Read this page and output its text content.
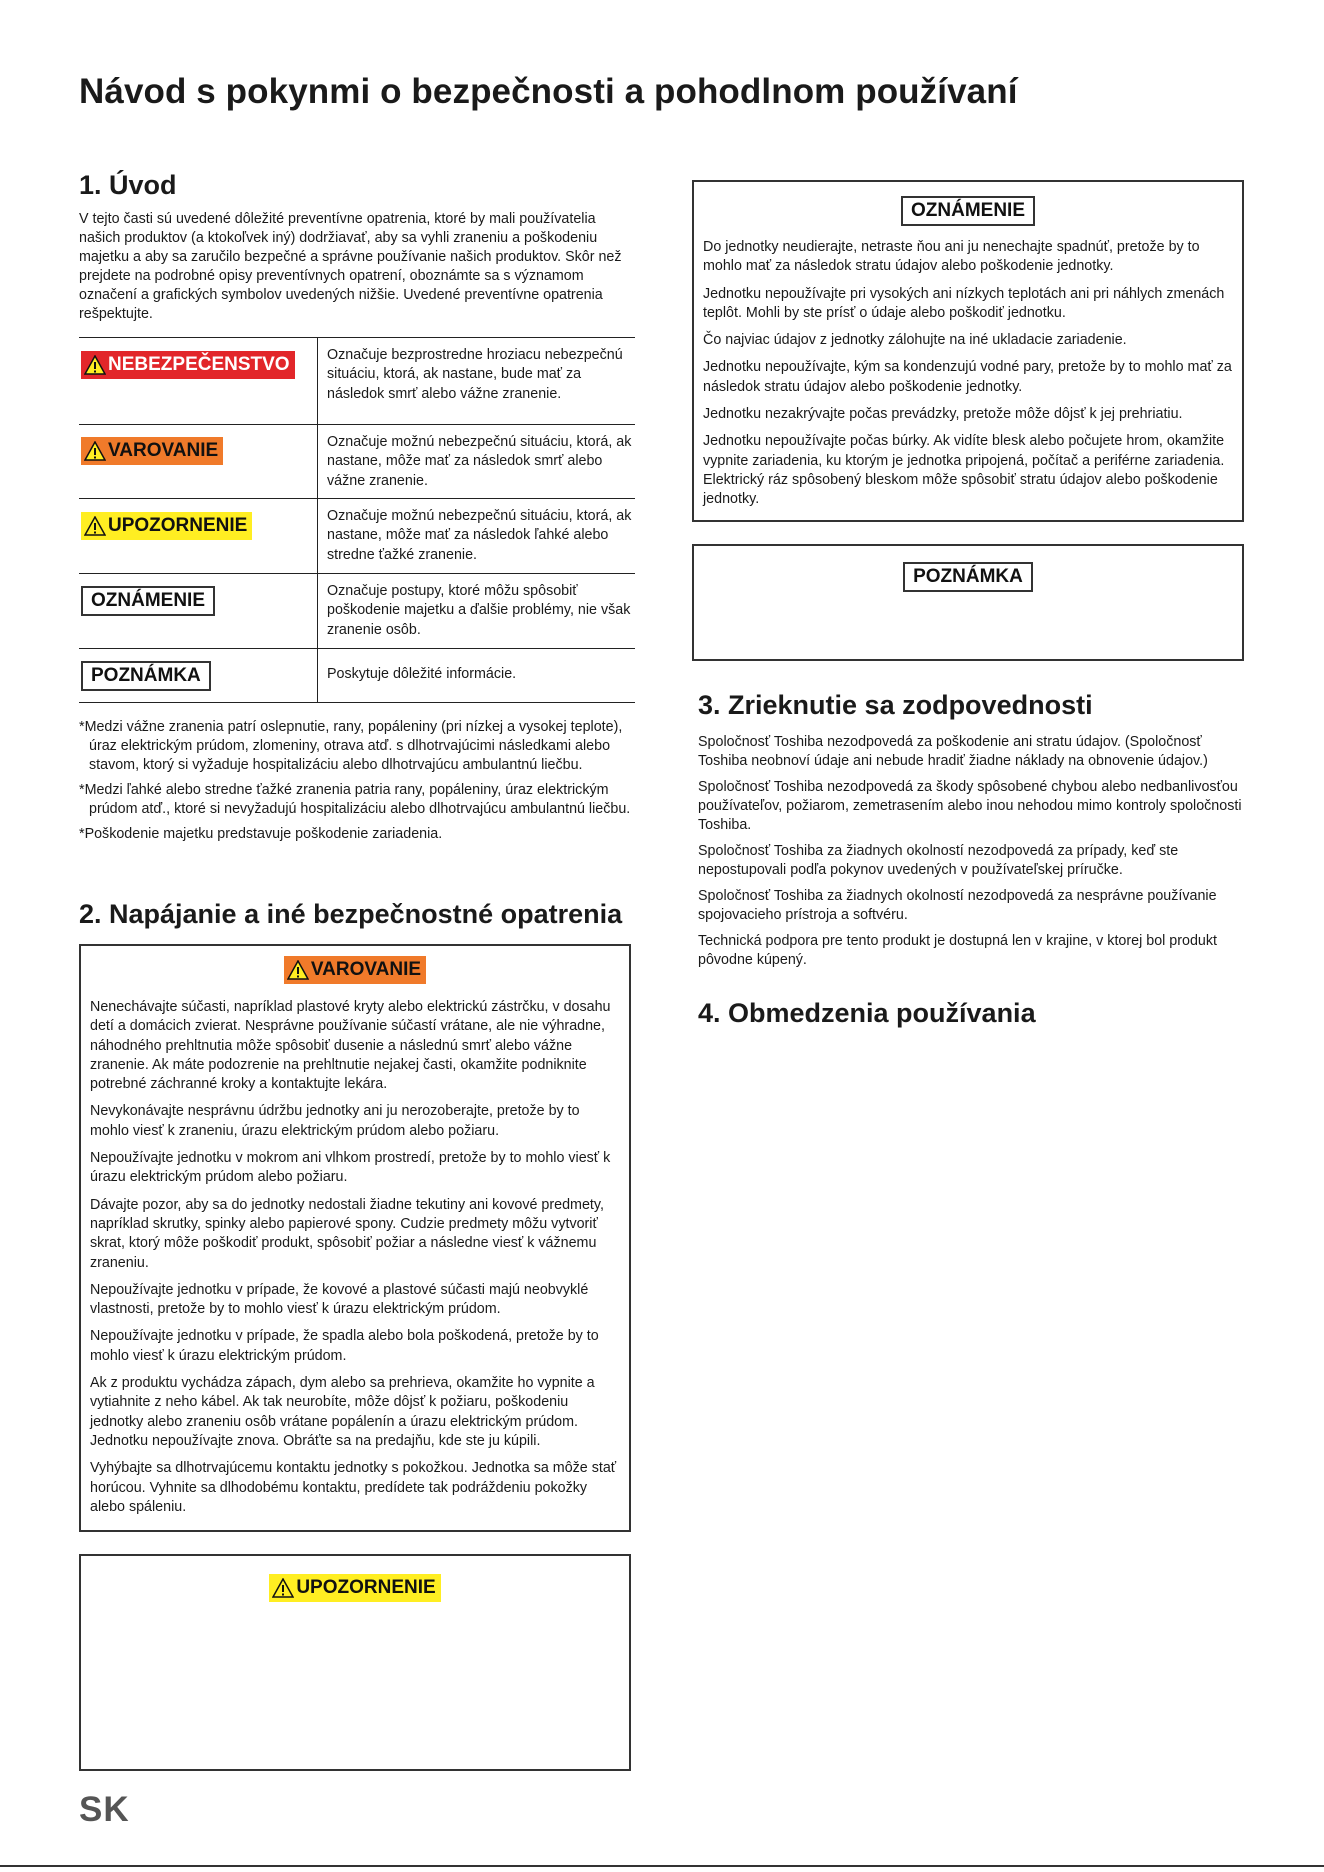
Návod s pokynmi o bezpečnosti a pohodlnom používaní
1. Úvod

V tejto časti sú uvedené dôležité preventívne opatrenia, ktoré by mali používatelia našich produktov (a ktokoľvek iný) dodržiavať, aby sa vyhli zraneniu a poškodeniu majetku a aby sa zaručilo bezpečné a správne používanie našich produktov. Skôr než prejdete na podrobné opisy preventívnych opatrení, oboznámte sa s významom označení a grafických symbolov uvedených nižšie. Uvedené preventívne opatrenia rešpektujte.

NEBEZPEČENSTVO	Označuje bezprostredne hroziacu nebezpečnú situáciu, ktorá, ak nastane, bude mať za následok smrť alebo vážne zranenie.
VAROVANIE	Označuje možnú nebezpečnú situáciu, ktorá, ak nastane, môže mať za následok smrť alebo vážne zranenie.
UPOZORNENIE	Označuje možnú nebezpečnú situáciu, ktorá, ak nastane, môže mať za následok ľahké alebo stredne ťažké zranenie.
OZNÁMENIE	Označuje postupy, ktoré môžu spôsobiť poškodenie majetku a ďalšie problémy, nie však zranenie osôb.
POZNÁMKA	Poskytuje dôležité informácie.

*Medzi vážne zranenia patrí oslepnutie, rany, popáleniny (pri nízkej a vysokej teplote), úraz elektrickým prúdom, zlomeniny, otrava atď. s dlhotrvajúcimi následkami alebo stavom, ktorý si vyžaduje hospitalizáciu alebo dlhotrvajúcu ambulantnú liečbu.

*Medzi ľahké alebo stredne ťažké zranenia patria rany, popáleniny, úraz elektrickým prúdom atď., ktoré si nevyžadujú hospitalizáciu alebo dlhotrvajúcu ambulantnú liečbu.

*Poškodenie majetku predstavuje poškodenie zariadenia.

2. Napájanie a iné bezpečnostné opatrenia
VAROVANIE

Nenechávajte súčasti, napríklad plastové kryty alebo elektrickú zástrčku, v dosahu detí a domácich zvierat. Nesprávne používanie súčastí vrátane, ale nie výhradne, náhodného prehltnutia môže spôsobiť dusenie a následnú smrť alebo vážne zranenie. Ak máte podozrenie na prehltnutie nejakej časti, okamžite podniknite potrebné záchranné kroky a kontaktujte lekára.

Nevykonávajte nesprávnu údržbu jednotky ani ju nerozoberajte, pretože by to mohlo viesť k zraneniu, úrazu elektrickým prúdom alebo požiaru.

Nepoužívajte jednotku v mokrom ani vlhkom prostredí, pretože by to mohlo viesť k úrazu elektrickým prúdom alebo požiaru.

Dávajte pozor, aby sa do jednotky nedostali žiadne tekutiny ani kovové predmety, napríklad skrutky, spinky alebo papierové spony. Cudzie predmety môžu vytvoriť skrat, ktorý môže poškodiť produkt, spôsobiť požiar a následne viesť k vážnemu zraneniu.

Nepoužívajte jednotku v prípade, že kovové a plastové súčasti majú neobvyklé vlastnosti, pretože by to mohlo viesť k úrazu elektrickým prúdom.

Nepoužívajte jednotku v prípade, že spadla alebo bola poškodená, pretože by to mohlo viesť k úrazu elektrickým prúdom.

Ak z produktu vychádza zápach, dym alebo sa prehrieva, okamžite ho vypnite a vytiahnite z neho kábel. Ak tak neurobíte, môže dôjsť k požiaru, poškodeniu jednotky alebo zraneniu osôb vrátane popálenín a úrazu elektrickým prúdom. Jednotku nepoužívajte znova. Obráťte sa na predajňu, kde ste ju kúpili.

Vyhýbajte sa dlhotrvajúcemu kontaktu jednotky s pokožkou. Jednotka sa môže stať horúcou. Vyhnite sa dlhodobému kontaktu, predídete tak podráždeniu pokožky alebo spáleniu.

UPOZORNENIE
OZNÁMENIE

Do jednotky neudierajte, netraste ňou ani ju nenechajte spadnúť, pretože by to mohlo mať za následok stratu údajov alebo poškodenie jednotky.

Jednotku nepoužívajte pri vysokých ani nízkych teplotách ani pri náhlych zmenách teplôt. Mohli by ste prísť o údaje alebo poškodiť jednotku.

Čo najviac údajov z jednotky zálohujte na iné ukladacie zariadenie.

Jednotku nepoužívajte, kým sa kondenzujú vodné pary, pretože by to mohlo mať za následok stratu údajov alebo poškodenie jednotky.

Jednotku nezakrývajte počas prevádzky, pretože môže dôjsť k jej prehriatiu.

Jednotku nepoužívajte počas búrky. Ak vidíte blesk alebo počujete hrom, okamžite vypnite zariadenia, ku ktorým je jednotka pripojená, počítač a periférne zariadenia. Elektrický ráz spôsobený bleskom môže spôsobiť stratu údajov alebo poškodenie jednotky.

POZNÁMKA
3. Zrieknutie sa zodpovednosti

Spoločnosť Toshiba nezodpovedá za poškodenie ani stratu údajov. (Spoločnosť Toshiba neobnoví údaje ani nebude hradiť žiadne náklady na obnovenie údajov.)

Spoločnosť Toshiba nezodpovedá za škody spôsobené chybou alebo nedbanlivosťou používateľov, požiarom, zemetrasením alebo inou nehodou mimo kontroly spoločnosti Toshiba.

Spoločnosť Toshiba za žiadnych okolností nezodpovedá za prípady, keď ste nepostupovali podľa pokynov uvedených v používateľskej príručke.

Spoločnosť Toshiba za žiadnych okolností nezodpovedá za nesprávne používanie spojovacieho prístroja a softvéru.

Technická podpora pre tento produkt je dostupná len v krajine, v ktorej bol produkt pôvodne kúpený.

4. Obmedzenia používania
SK
